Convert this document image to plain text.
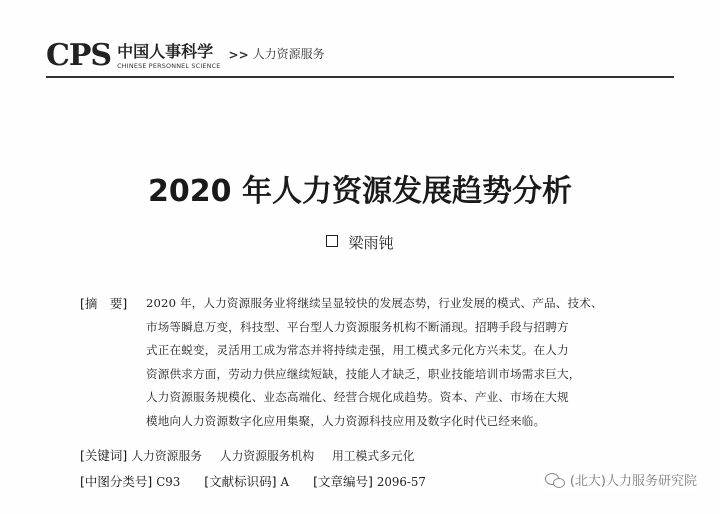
CPS 中国人事科学
CHINESE PERSONNEL SCIENCE
>> 人力资源服务
2020 年人力资源发展趋势分析
梁雨钝
[摘　要] 2020 年，人力资源服务业将继续呈显较快的发展态势，行业发展的模式、产品、技术、
市场等瞬息万变，科技型、平台型人力资源服务机构不断涌现。招聘手段与招聘方
式正在蜕变，灵活用工成为常态并将持续走强，用工模式多元化方兴未艾。在人力
资源供求方面，劳动力供应继续短缺，技能人才缺乏，职业技能培训市场需求巨大，
人力资源服务规模化、业态高端化、经营合规化成趋势。资本、产业、市场在大规
模地向人力资源数字化应用集聚，人力资源科技应用及数字化时代已经来临。
[关键词] 人力资源服务 人力资源服务机构 用工模式多元化
[中图分类号] C93 [文献标识码] A [文章编号] 2096-57	(北大)人力服务研究院
